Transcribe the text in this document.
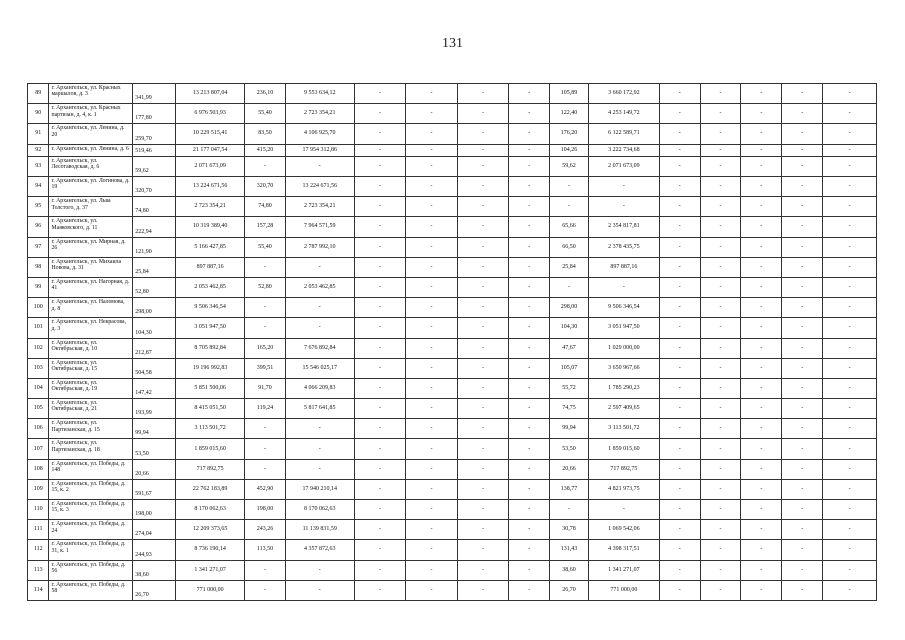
131
89	г. Архангельск, ул. Красных маршалов, д. 3	341,99	13 213 807,04	236,10	9 553 634,12	-	-	-	-	105,89	3 660 172,92	-	-	-	-	-
90	г. Архангельск, ул. Красных партизан, д. 4, к. 1	177,80	6 976 503,93	55,40	2 723 354,21	-	-	-	-	122,40	4 253 149,72	-	-	-	-	-
91	г. Архангельск, ул. Ленина, д. 20	259,70	10 229 515,41	83,50	4 106 925,70	-	-	-	-	176,20	6 122 589,71	-	-	-	-	-
92	г. Архангельск, ул. Ленина, д. 6	519,46	21 177 047,54	415,20	17 954 312,86	-	-	-	-	104,26	3 222 734,68	-	-	-	-	-
93	г. Архангельск, ул. Лесотаводская, д. 6	59,62	2 071 673,09	-	-	-	-	-	-	59,62	2 071 673,09	-	-	-	-	-
94	г. Архангельск, ул. Логинова, д. 19	320,70	13 224 671,56	320,70	13 224 671,56	-	-	-	-	-	-	-	-	-	-	-
95	г. Архангельск, ул. Льва Толстого, д. 37	74,80	2 723 354,21	74,80	2 723 354,21	-	-	-	-	-	-	-	-	-	-	-
96	г. Архангельск, ул. Маяковского, д. 11	222,94	10 319 389,40	157,28	7 964 571,59	-	-	-	-	65,66	2 354 817,81	-	-	-	-	-
97	г. Архангельск, ул. Мирная, д. 26	121,90	5 166 427,85	55,40	2 787 992,10	-	-	-	-	66,50	2 378 435,75	-	-	-	-	-
98	г. Архангельск, ул. Михаила Новова, д. 31	25,84	897 887,16	-	-	-	-	-	-	25,84	897 887,16	-	-	-	-	-
99	г. Архангельск, ул. Нагорная, д. 41	52,80	2 053 462,85	52,80	2 053 462,85	-	-	-	-	-	-	-	-	-	-	-
100	г. Архангельск, ул. Наломова, д. 8	298,00	9 506 346,54	-	-	-	-	-	-	298,00	9 506 346,54	-	-	-	-	-
101	г. Архангельск, ул. Некрасова, д. 3	104,30	3 051 947,50	-	-	-	-	-	-	104,30	3 051 947,50	-	-	-	-	-
102	г. Архангельск, ул. Октябрьская, д. 10	212,87	8 705 892,84	165,20	7 676 892,84	-	-	-	-	47,67	1 029 000,00	-	-	-	-	-
103	г. Архангельск, ул. Октябрьская, д. 15	504,58	19 196 992,83	399,51	15 546 025,17	-	-	-	-	105,07	3 650 967,66	-	-	-	-	-
104	г. Архангельск, ул. Октябрьская, д. 19	147,42	5 851 500,06	91,70	4 066 209,83	-	-	-	-	55,72	1 785 290,23	-	-	-	-	-
105	г. Архангельск, ул. Октябрьская, д. 21	193,99	8 415 051,50	119,24	5 817 641,85	-	-	-	-	74,75	2 597 409,65	-	-	-	-	-
106	г. Архангельск, ул. Партизанская, д. 15	99,94	3 113 501,72	-	-	-	-	-	-	99,94	3 113 501,72	-	-	-	-	-
107	г. Архангельск, ул. Партизанская, д. 18	53,50	1 859 015,60	-	-	-	-	-	-	53,50	1 859 015,60	-	-	-	-	-
108	г. Архангельск, ул. Победы, д. 148	20,66	717 892,75	-	-	-	-	-	-	20,66	717 892,75	-	-	-	-	-
109	г. Архангельск, ул. Победы, д. 15, к. 2	591,67	22 762 183,89	452,90	17 940 210,14	-	-	-	-	138,77	4 821 973,75	-	-	-	-	-
110	г. Архангельск, ул. Победы, д. 15, к. 3	198,00	8 170 062,63	198,00	8 170 062,63	-	-	-	-	-	-	-	-	-	-	-
111	г. Архангельск, ул. Победы, д. 24	274,04	12 209 373,65	243,26	11 139 831,59	-	-	-	-	30,78	1 069 542,06	-	-	-	-	-
112	г. Архангельск, ул. Победы, д. 31, к. 1	244,93	8 736 190,14	113,50	4 357 872,63	-	-	-	-	131,43	4 398 317,51	-	-	-	-	-
113	г. Архангельск, ул. Победы, д. 56	38,60	1 341 271,07	-	-	-	-	-	-	38,60	1 341 271,07	-	-	-	-	-
114	г. Архангельск, ул. Победы, д. 58	26,70	771 000,00	-	-	-	-	-	-	26,70	771 000,00	-	-	-	-	-
